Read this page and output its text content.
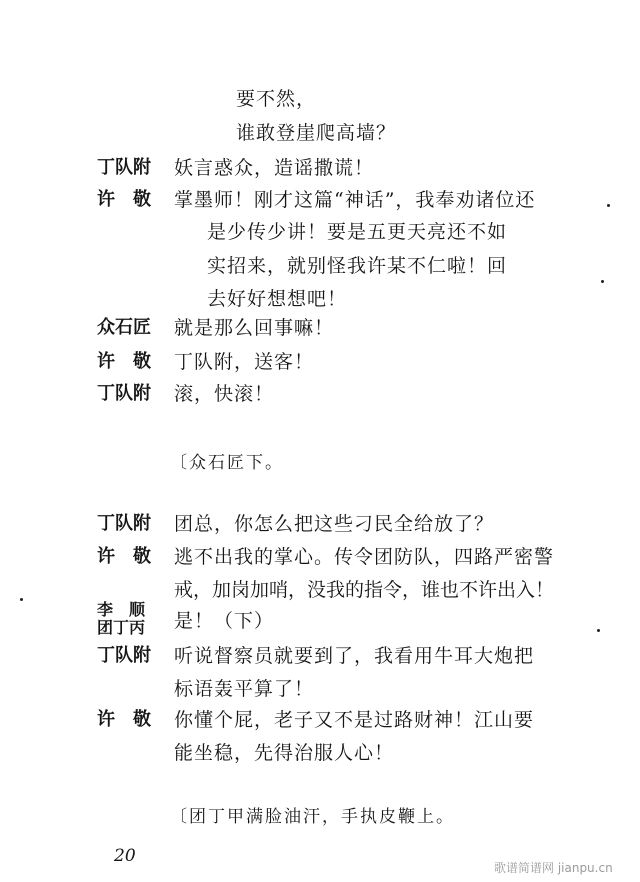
要不然，
谁敢登崖爬高墙？
丁队附 妖言惑众，造谣撒谎！
许　敬 掌墨师！刚才这篇“神话”，我奉劝诸位还
是少传少讲！要是五更天亮还不如
实招来，就别怪我许某不仁啦！回
去好好想想吧！
众石匠 就是那么回事嘛！
许　敬 丁队附，送客！
丁队附 滚，快滚！
〔众石匠下。
丁队附 团总，你怎么把这些刁民全给放了？
许　敬 逃不出我的掌心。传令团防队，四路严密警
戒，加岗加哨，没我的指令，谁也不许出入！
李　顺
团丁丙 是！（下）
丁队附 听说督察员就要到了，我看用牛耳大炮把
标语轰平算了！
许　敬 你懂个屁，老子又不是过路财神！江山要
能坐稳，先得治服人心！
〔团丁甲满脸油汗，手执皮鞭上。
20
歌谱简谱网 jianpu.cn
